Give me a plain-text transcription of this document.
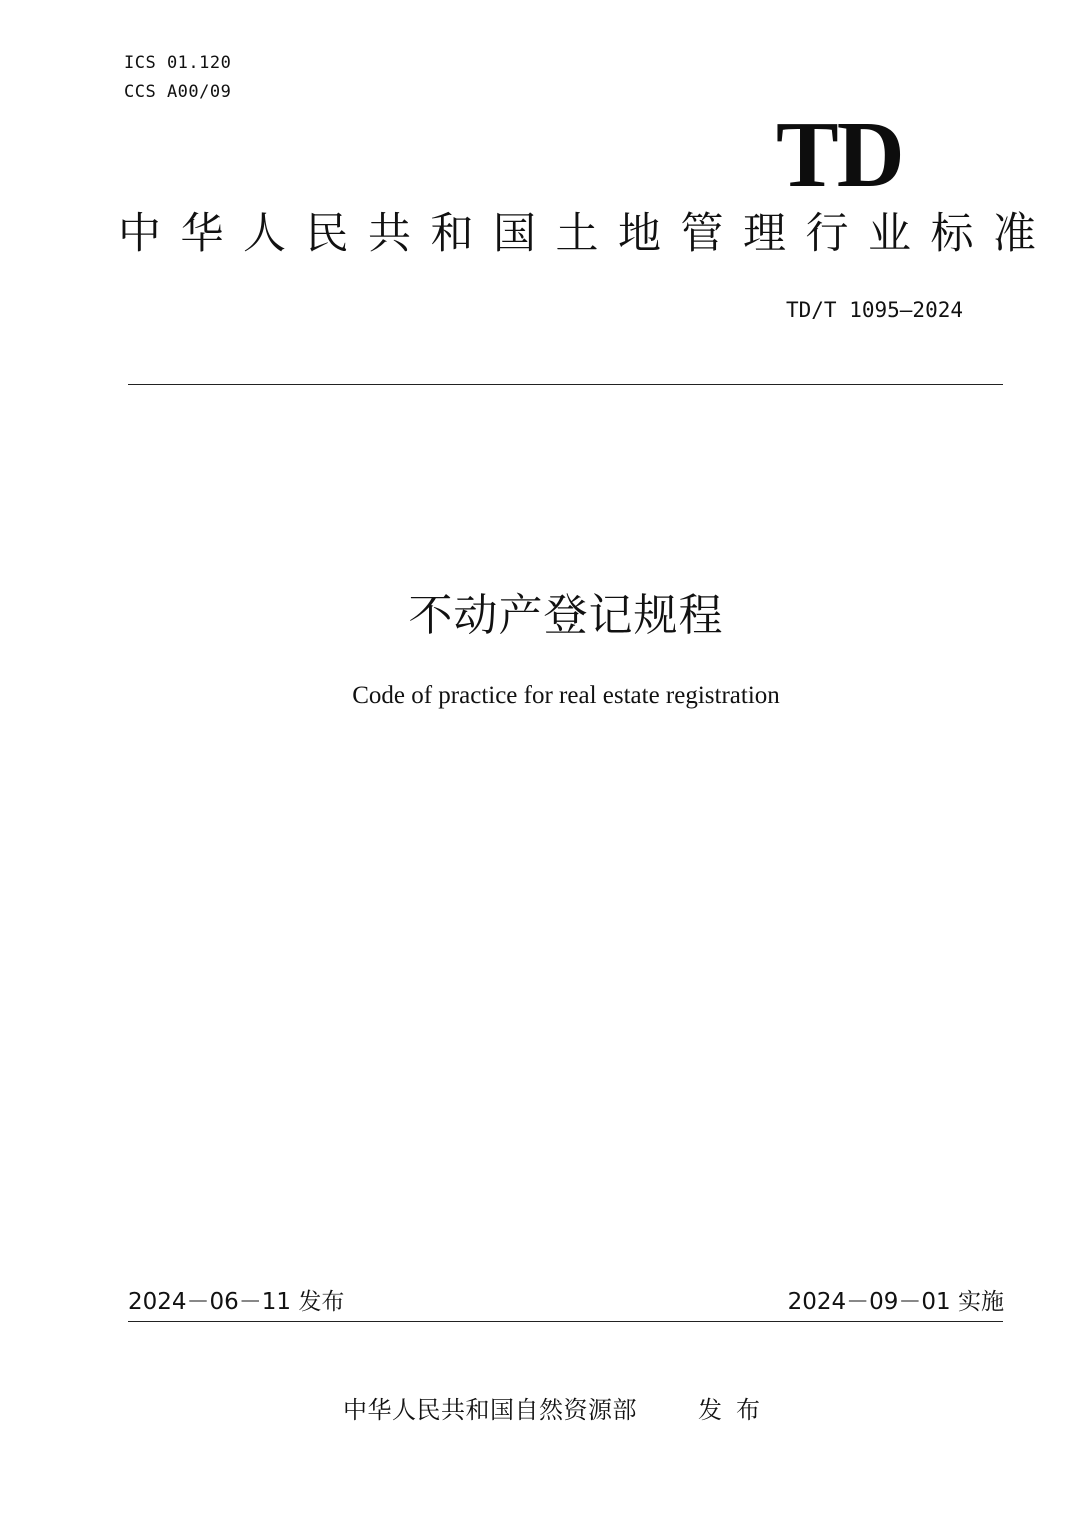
ICS 01.120
CCS A00/09
TD
中华人民共和国土地管理行业标准
TD/T 1095—2024
不动产登记规程
Code of practice for real estate registration
2024－06－11 发布	2024－09－01 实施
中华人民共和国自然资源部	发布
